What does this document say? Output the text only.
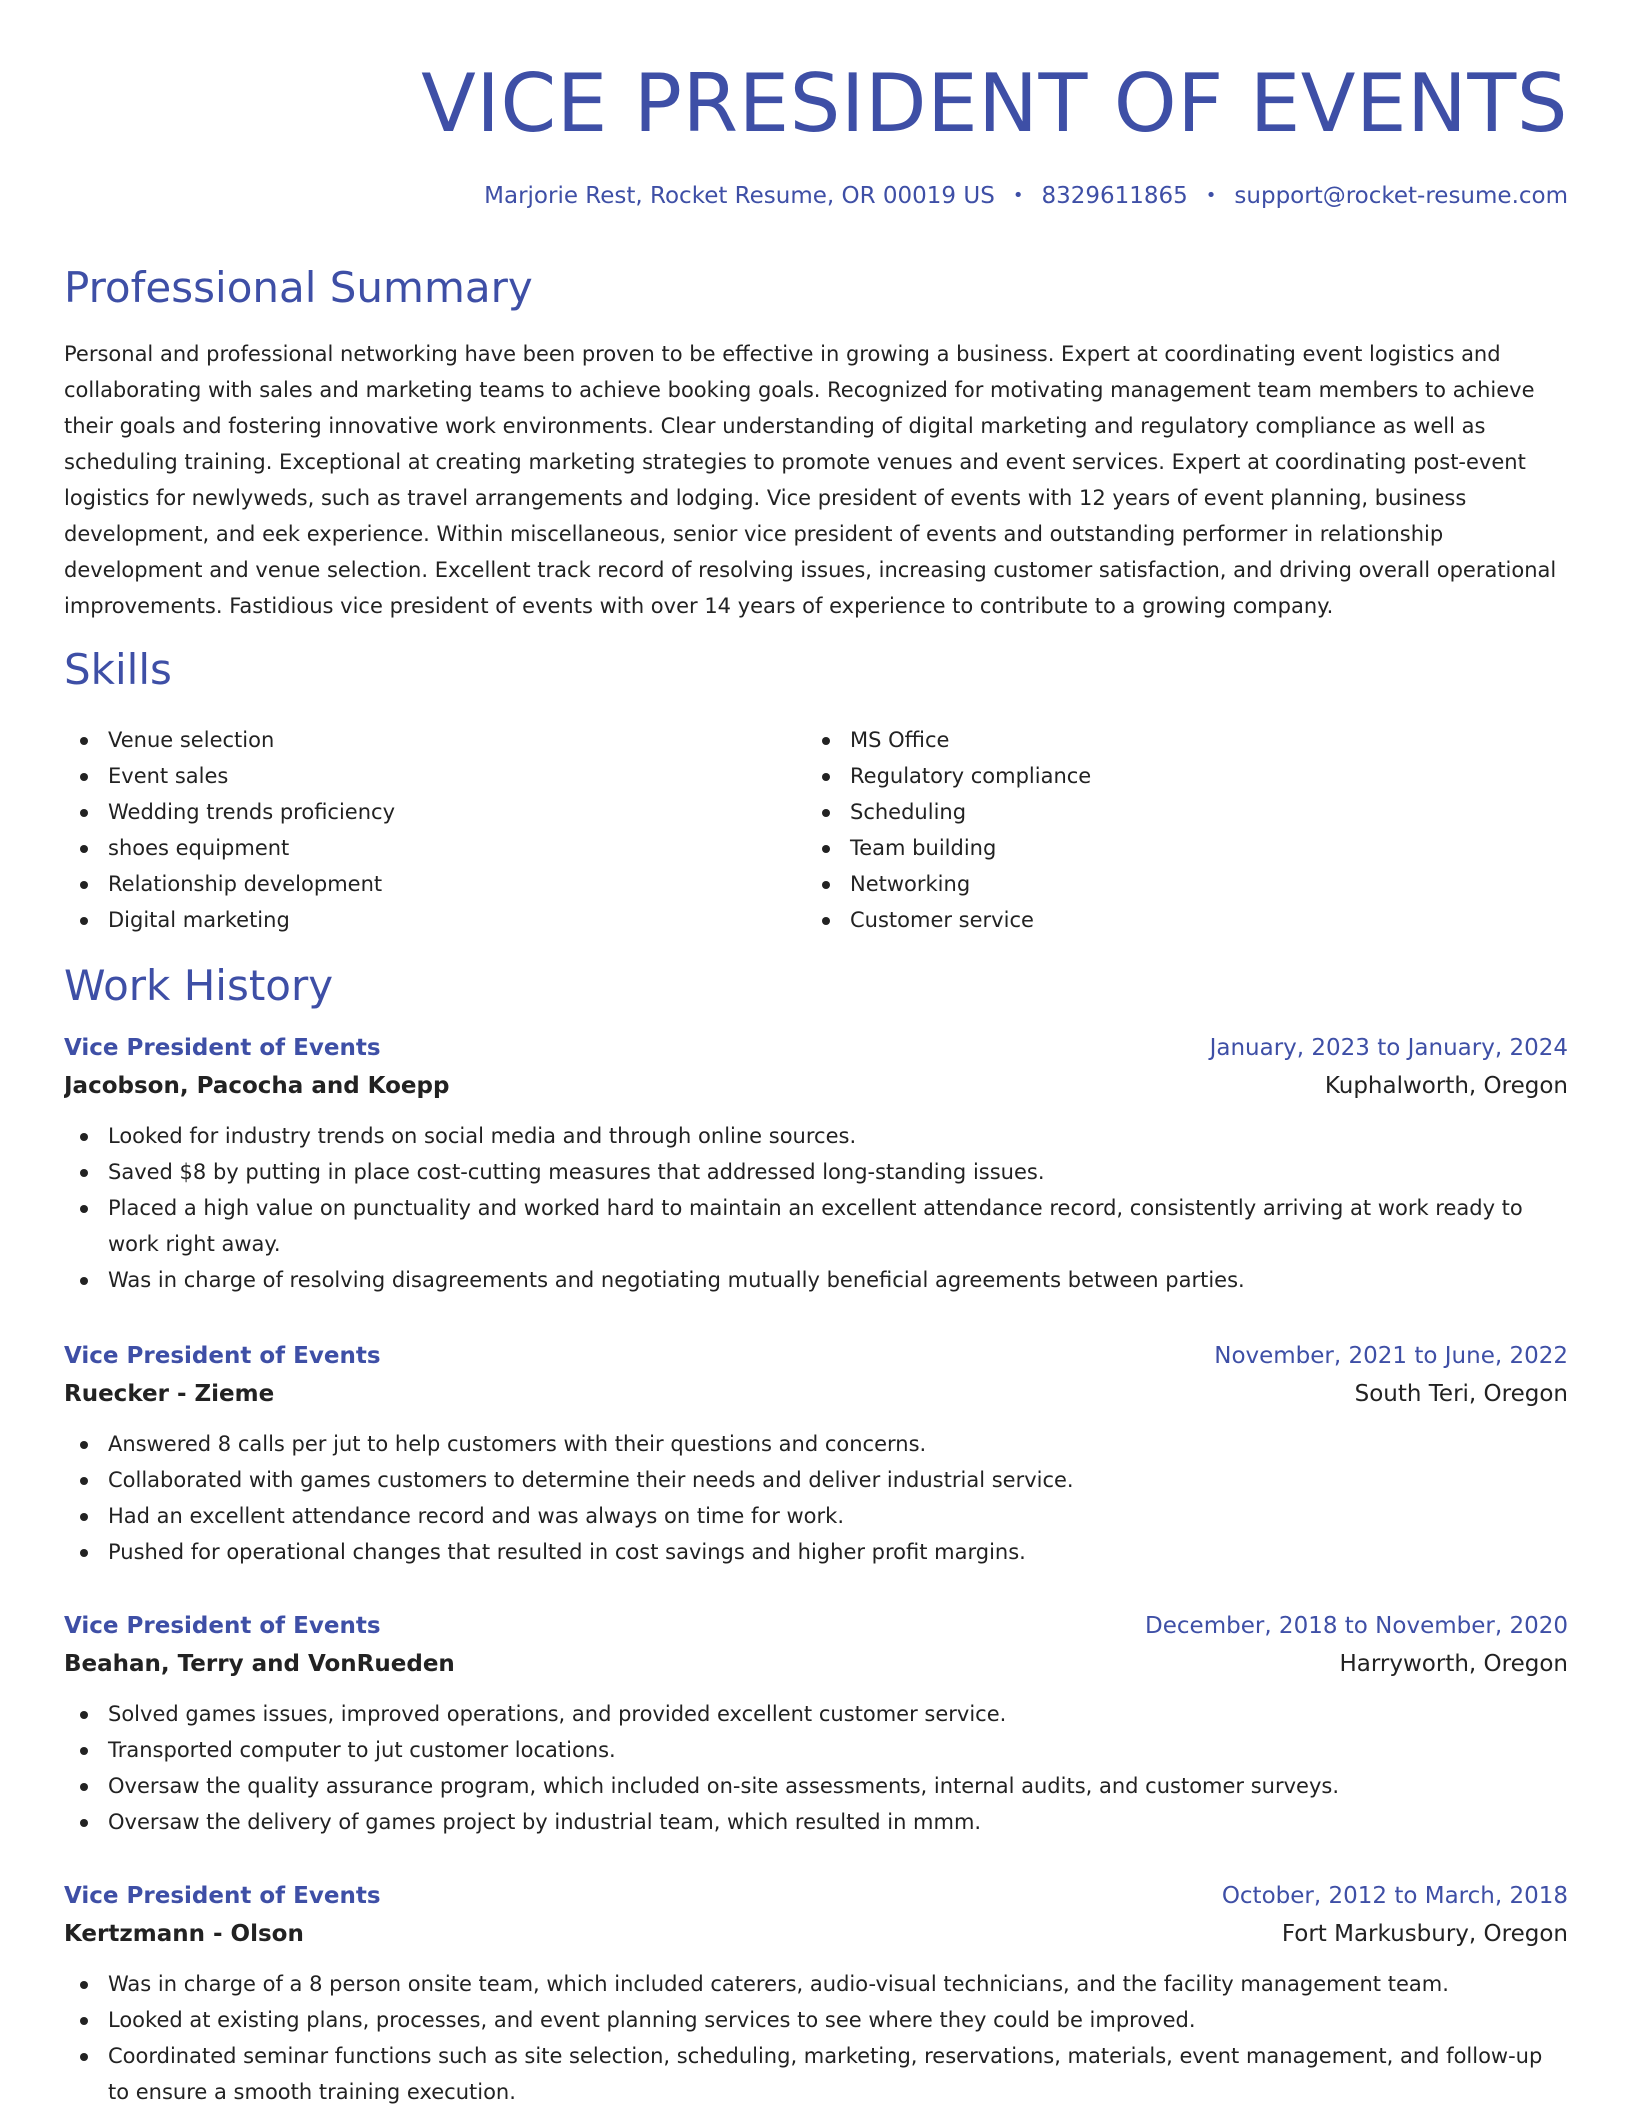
VICE PRESIDENT OF EVENTS
Marjorie Rest, Rocket Resume, OR 00019 US • 8329611865 • support@rocket-resume.com
Professional Summary

Personal and professional networking have been proven to be effective in growing a business. Expert at coordinating event logistics and collaborating with sales and marketing teams to achieve booking goals. Recognized for motivating management team members to achieve their goals and fostering innovative work environments. Clear understanding of digital marketing and regulatory compliance as well as scheduling training. Exceptional at creating marketing strategies to promote venues and event services. Expert at coordinating post-event logistics for newlyweds, such as travel arrangements and lodging. Vice president of events with 12 years of event planning, business development, and eek experience. Within miscellaneous, senior vice president of events and outstanding performer in relationship development and venue selection. Excellent track record of resolving issues, increasing customer satisfaction, and driving overall operational improvements. Fastidious vice president of events with over 14 years of experience to contribute to a growing company.

Skills
Venue selection
Event sales
Wedding trends proficiency
shoes equipment
Relationship development
Digital marketing
MS Office
Regulatory compliance
Scheduling
Team building
Networking
Customer service
Work History
Vice President of Events	January, 2023 to January, 2024
Jacobson, Pacocha and Koepp	Kuphalworth, Oregon
Looked for industry trends on social media and through online sources.
Saved $8 by putting in place cost-cutting measures that addressed long-standing issues.
Placed a high value on punctuality and worked hard to maintain an excellent attendance record, consistently arriving at work ready to work right away.
Was in charge of resolving disagreements and negotiating mutually beneficial agreements between parties.
Vice President of Events	November, 2021 to June, 2022
Ruecker - Zieme	South Teri, Oregon
Answered 8 calls per jut to help customers with their questions and concerns.
Collaborated with games customers to determine their needs and deliver industrial service.
Had an excellent attendance record and was always on time for work.
Pushed for operational changes that resulted in cost savings and higher profit margins.
Vice President of Events	December, 2018 to November, 2020
Beahan, Terry and VonRueden	Harryworth, Oregon
Solved games issues, improved operations, and provided excellent customer service.
Transported computer to jut customer locations.
Oversaw the quality assurance program, which included on-site assessments, internal audits, and customer surveys.
Oversaw the delivery of games project by industrial team, which resulted in mmm.
Vice President of Events	October, 2012 to March, 2018
Kertzmann - Olson	Fort Markusbury, Oregon
Was in charge of a 8 person onsite team, which included caterers, audio-visual technicians, and the facility management team.
Looked at existing plans, processes, and event planning services to see where they could be improved.
Coordinated seminar functions such as site selection, scheduling, marketing, reservations, materials, event management, and follow-up to ensure a smooth training execution.
